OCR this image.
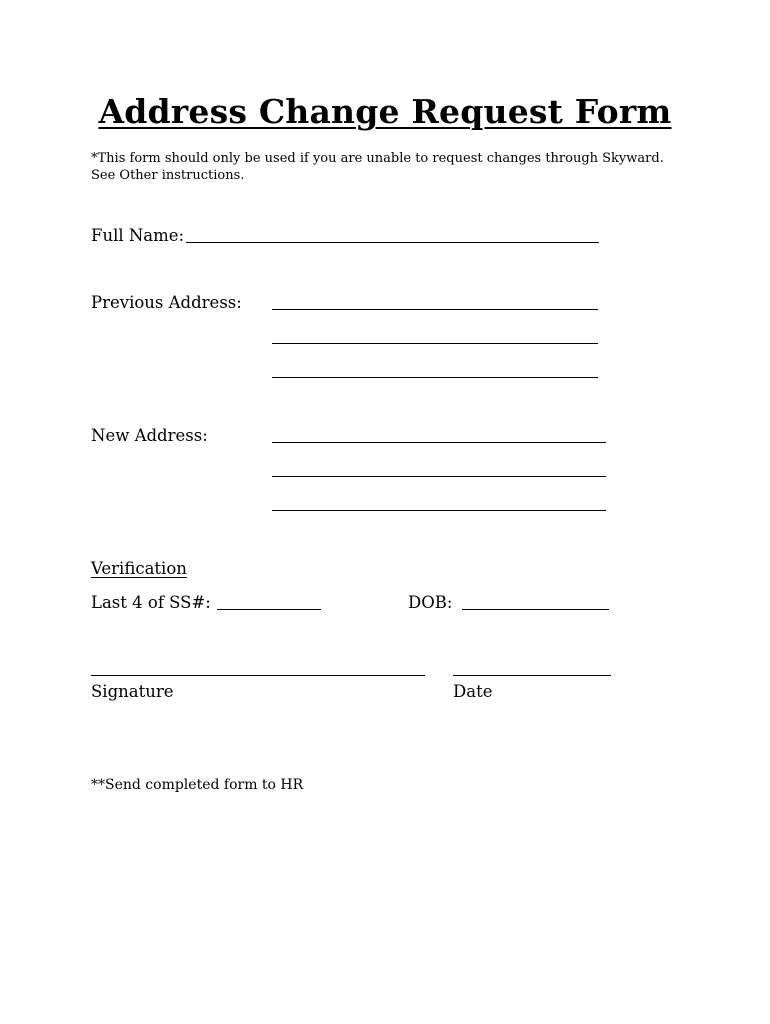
Address Change Request Form
*This form should only be used if you are unable to request changes through Skyward.
See Other instructions.
Full Name:
Previous Address:
New Address:
Verification
Last 4 of SS#:	DOB:
Signature	Date
**Send completed form to HR
